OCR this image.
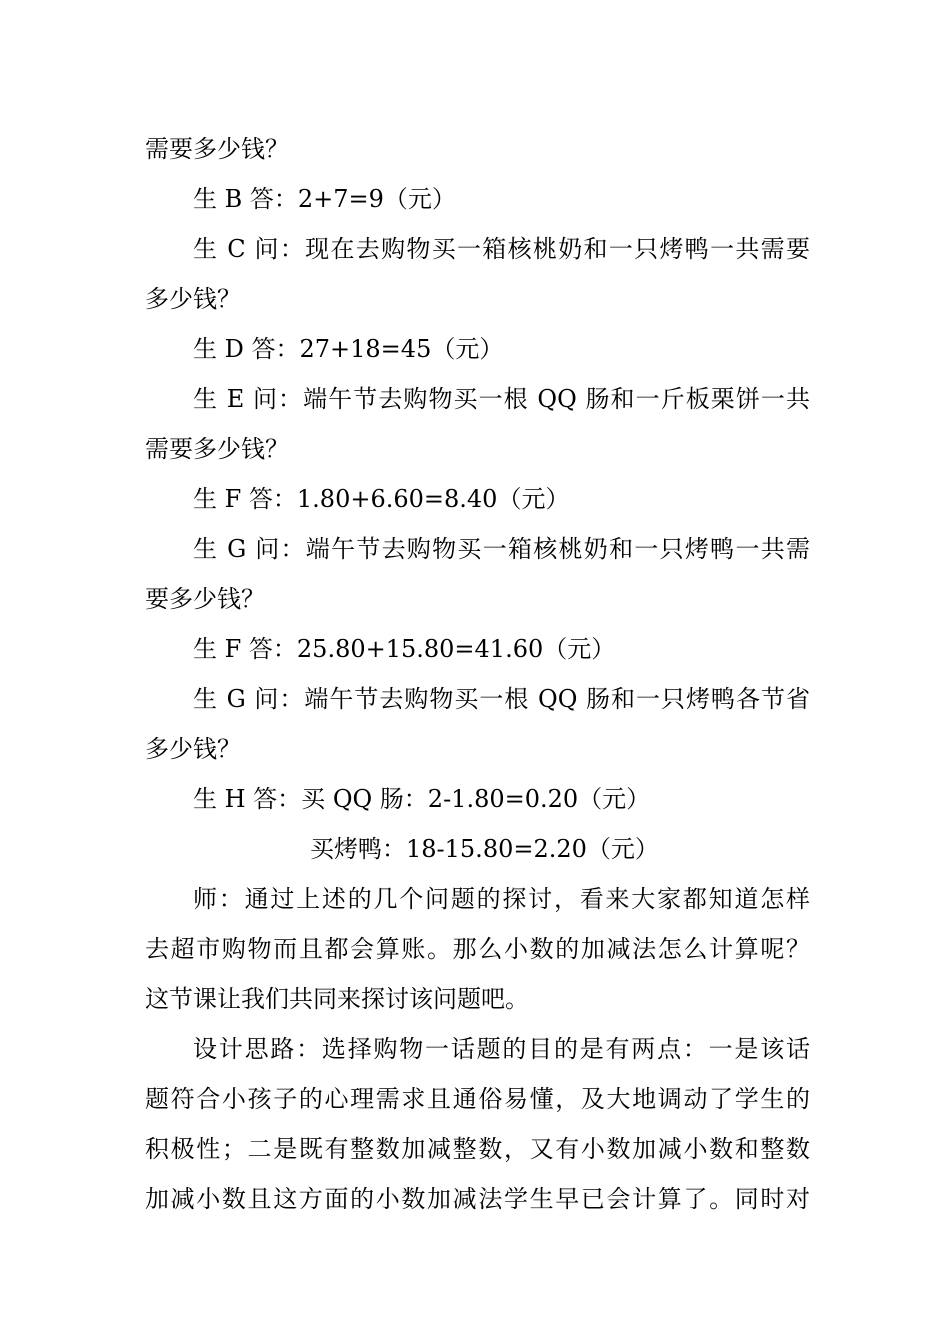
需要多少钱？
生 B 答：2+7=9（元）
生 C 问：现在去购物买一箱核桃奶和一只烤鸭一共需要
多少钱？
生 D 答：27+18=45（元）
生 E 问：端午节去购物买一根 QQ 肠和一斤板栗饼一共
需要多少钱？
生 F 答：1.80+6.60=8.40（元）
生 G 问：端午节去购物买一箱核桃奶和一只烤鸭一共需
要多少钱？
生 F 答：25.80+15.80=41.60（元）
生 G 问：端午节去购物买一根 QQ 肠和一只烤鸭各节省
多少钱？
生 H 答：买 QQ 肠：2-1.80=0.20（元）
买烤鸭：18-15.80=2.20（元）
师：通过上述的几个问题的探讨，看来大家都知道怎样
去超市购物而且都会算账。那么小数的加减法怎么计算呢？
这节课让我们共同来探讨该问题吧。
设计思路：选择购物一话题的目的是有两点：一是该话
题符合小孩子的心理需求且通俗易懂，及大地调动了学生的
积极性；二是既有整数加减整数，又有小数加减小数和整数
加减小数且这方面的小数加减法学生早已会计算了。同时对
